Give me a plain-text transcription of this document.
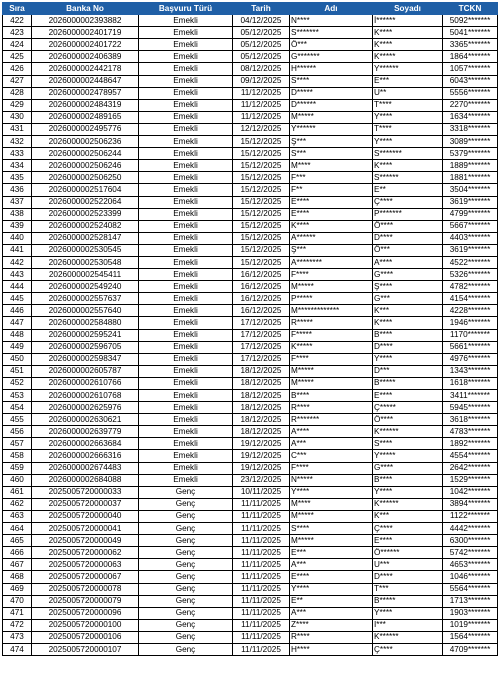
Sıra	Banka No	Başvuru Türü	Tarih	Adı	Soyadı	TCKN
422	2026000002393882	Emekli	04/12/2025	N****	İ******	5092*******
423	2026000002401719	Emekli	05/12/2025	S*******	K****	5041*******
424	2026000002401722	Emekli	05/12/2025	Ö***	K****	3365*******
425	2026000002406389	Emekli	05/12/2025	G*******	K*****	1864*******
426	2026000002442178	Emekli	08/12/2025	H******	Y******	1057*******
427	2026000002448647	Emekli	09/12/2025	S****	E***	6043*******
428	2026000002478957	Emekli	11/12/2025	D*****	U**	5556*******
429	2026000002484319	Emekli	11/12/2025	D******	T****	2270*******
430	2026000002489165	Emekli	11/12/2025	M*****	Y****	1634*******
431	2026000002495776	Emekli	12/12/2025	Y******	T****	3318*******
432	2026000002506236	Emekli	15/12/2025	Ş***	Y****	3089*******
433	2026000002506244	Emekli	15/12/2025	S***	S*******	5379*******
434	2026000002506246	Emekli	15/12/2025	M****	K****	1889*******
435	2026000002506250	Emekli	15/12/2025	F***	S******	1881*******
436	2026000002517604	Emekli	15/12/2025	F**	E**	3504*******
437	2026000002522064	Emekli	15/12/2025	E****	Ç****	3619*******
438	2026000002523399	Emekli	15/12/2025	E****	P*******	4799*******
439	2026000002524082	Emekli	15/12/2025	K****	Ö****	5667*******
440	2026000002528147	Emekli	15/12/2025	A******	D****	4403*******
441	2026000002530545	Emekli	15/12/2025	Ş***	Ö***	3619*******
442	2026000002530548	Emekli	15/12/2025	A********	A****	4522*******
443	2026000002545411	Emekli	16/12/2025	F****	G****	5326*******
444	2026000002549240	Emekli	16/12/2025	M*****	Ş****	4782*******
445	2026000002557637	Emekli	16/12/2025	P*****	G***	4154*******
446	2026000002557640	Emekli	16/12/2025	M*************	K***	4228*******
447	2026000002584880	Emekli	17/12/2025	R*****	K****	1946*******
448	2026000002595241	Emekli	17/12/2025	F*****	B****	1170*******
449	2026000002596705	Emekli	17/12/2025	K*****	D****	5661*******
450	2026000002598347	Emekli	17/12/2025	F****	Y****	4976*******
451	2026000002605787	Emekli	18/12/2025	M*****	D***	1343*******
452	2026000002610766	Emekli	18/12/2025	M*****	B*****	1618*******
453	2026000002610768	Emekli	18/12/2025	B****	E****	3411*******
454	2026000002625976	Emekli	18/12/2025	R****	Ç*****	5945*******
455	2026000002630621	Emekli	18/12/2025	R*******	Ö****	3618*******
456	2026000002639779	Emekli	18/12/2025	A****	K******	4783*******
457	2026000002663684	Emekli	19/12/2025	A***	S****	1892*******
458	2026000002666316	Emekli	19/12/2025	C***	Y*****	4554*******
459	2026000002674483	Emekli	19/12/2025	F****	G****	2642*******
460	2026000002684088	Emekli	23/12/2025	N*****	B****	1529*******
461	2025005720000033	Genç	10/11/2025	Y****	Y****	1042*******
462	2025005720000037	Genç	11/11/2025	M****	K******	3894*******
463	2025005720000040	Genç	11/11/2025	M*****	K***	1122*******
464	2025005720000041	Genç	11/11/2025	S****	Ç****	4442*******
465	2025005720000049	Genç	11/11/2025	M*****	E****	6300*******
466	2025005720000062	Genç	11/11/2025	E***	Ö******	5742*******
467	2025005720000063	Genç	11/11/2025	A***	U***	4653*******
468	2025005720000067	Genç	11/11/2025	E****	D****	1046*******
469	2025005720000078	Genç	11/11/2025	Y****	T***	5564*******
470	2025005720000079	Genç	11/11/2025	E**	B*****	1713*******
471	2025005720000096	Genç	11/11/2025	A***	Y****	1903*******
472	2025005720000100	Genç	11/11/2025	Z****	I***	1019*******
473	2025005720000106	Genç	11/11/2025	R****	K******	1564*******
474	2025005720000107	Genç	11/11/2025	H****	Ç****	4709*******
